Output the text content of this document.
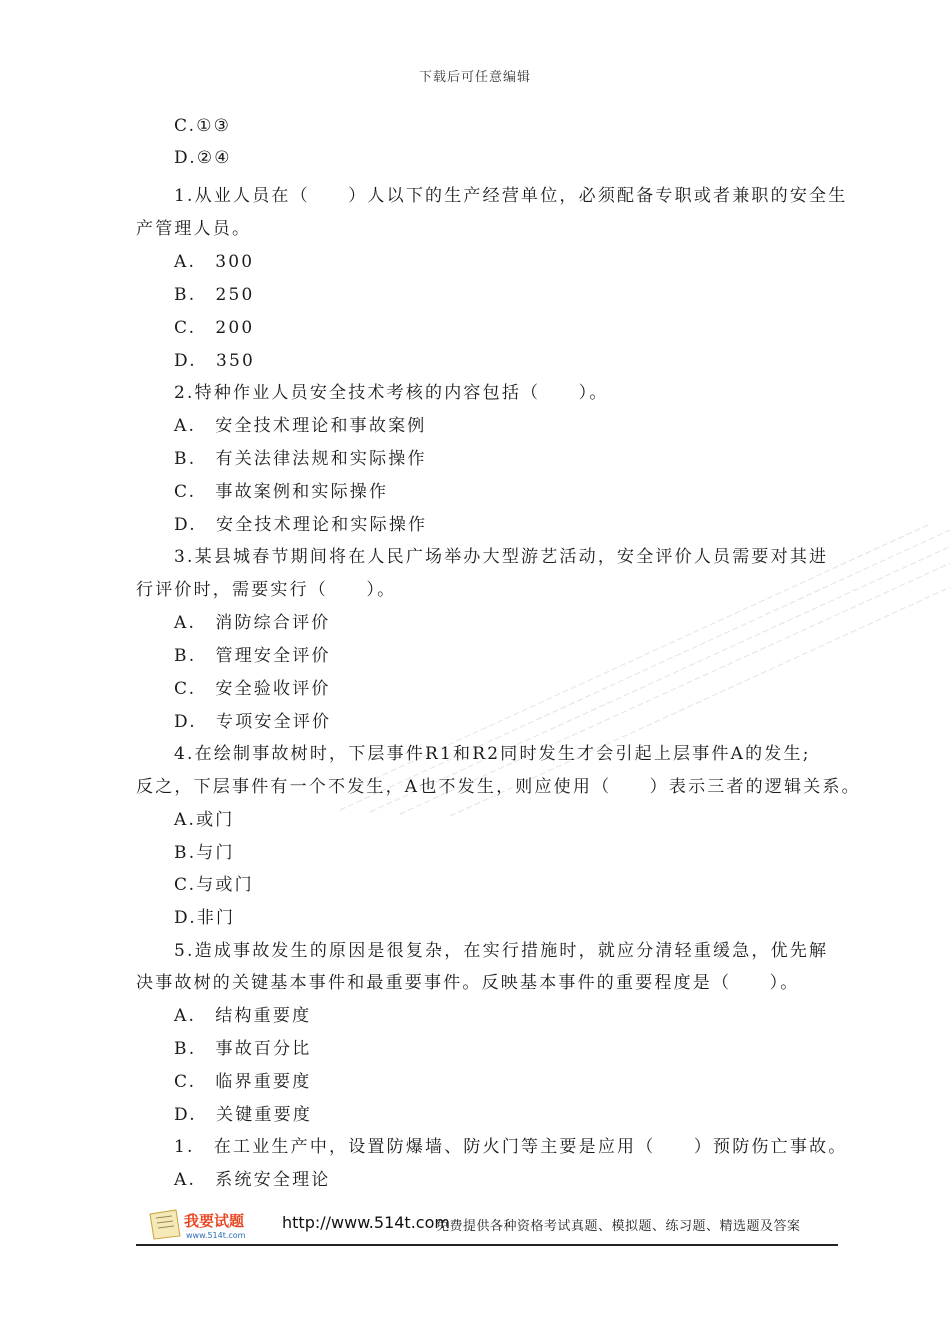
下载后可任意编辑
C.①③
D.②④
1.从业人员在（　　）人以下的生产经营单位，必须配备专职或者兼职的安全生
产管理人员。
A.　300
B.　250
C.　200
D.　350
2.特种作业人员安全技术考核的内容包括（　　）。
A.　安全技术理论和事故案例
B.　有关法律法规和实际操作
C.　事故案例和实际操作
D.　安全技术理论和实际操作
3.某县城春节期间将在人民广场举办大型游艺活动，安全评价人员需要对其进
行评价时，需要实行（　　）。
A.　消防综合评价
B.　管理安全评价
C.　安全验收评价
D.　专项安全评价
4.在绘制事故树时，下层事件R1和R2同时发生才会引起上层事件A的发生;
反之，下层事件有一个不发生，A也不发生，则应使用（　　）表示三者的逻辑关系。
A.或门
B.与门
C.与或门
D.非门
5.造成事故发生的原因是很复杂，在实行措施时，就应分清轻重缓急，优先解
决事故树的关键基本事件和最重要事件。反映基本事件的重要程度是（　　）。
A.　结构重要度
B.　事故百分比
C.　临界重要度
D.　关键重要度
1.　在工业生产中，设置防爆墙、防火门等主要是应用（　　）预防伤亡事故。
A.　系统安全理论
我要试题
www.514t.com
http://www.514t.com
免费提供各种资格考试真题、模拟题、练习题、精选题及答案
